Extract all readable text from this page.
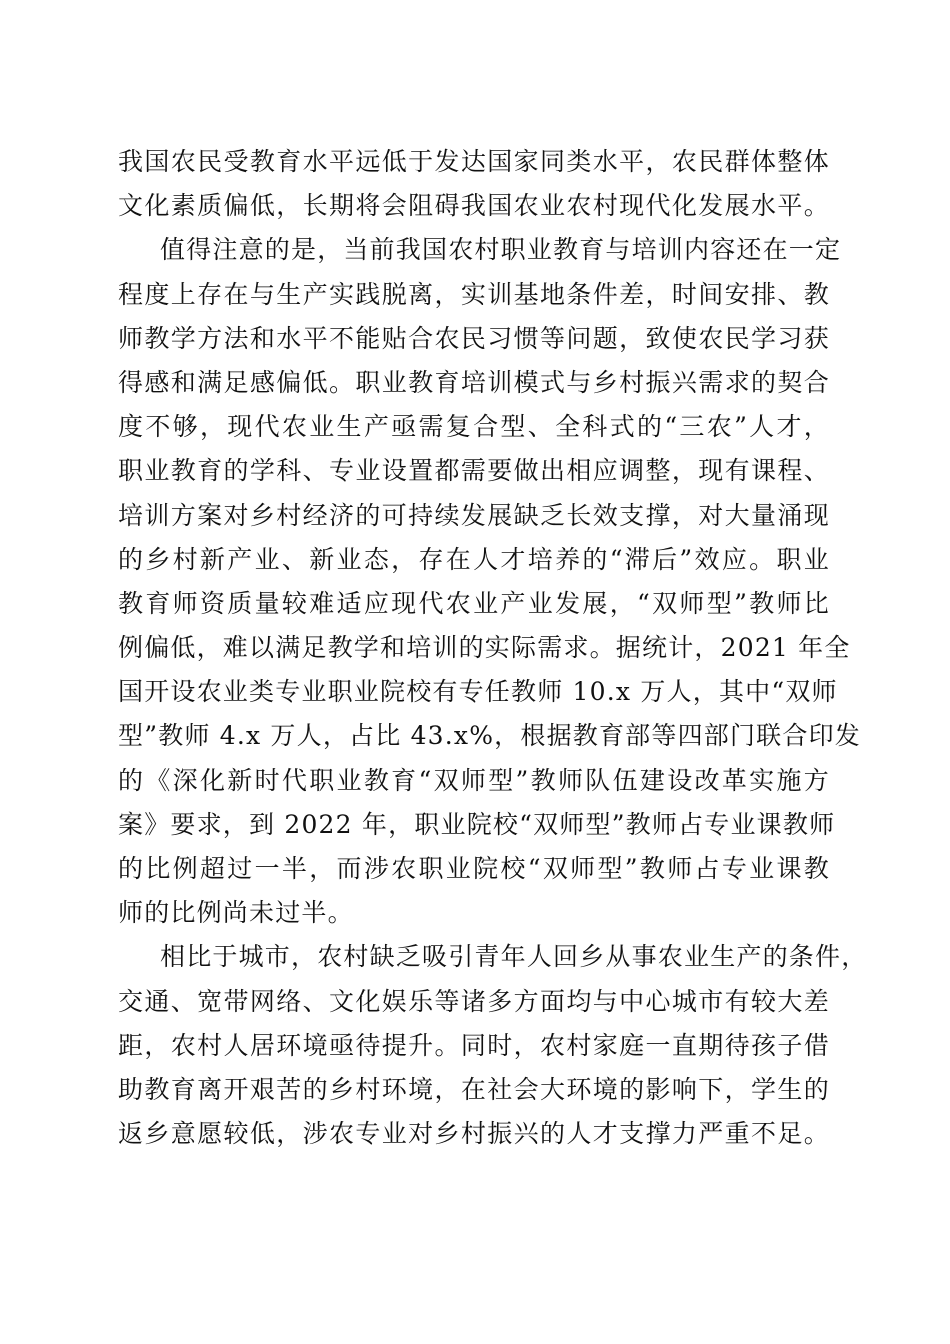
我国农民受教育水平远低于发达国家同类水平，农民群体整体
文化素质偏低，长期将会阻碍我国农业农村现代化发展水平。
值得注意的是，当前我国农村职业教育与培训内容还在一定
程度上存在与生产实践脱离，实训基地条件差，时间安排、教
师教学方法和水平不能贴合农民习惯等问题，致使农民学习获
得感和满足感偏低。职业教育培训模式与乡村振兴需求的契合
度不够，现代农业生产亟需复合型、全科式的“三农”人才，
职业教育的学科、专业设置都需要做出相应调整，现有课程、
培训方案对乡村经济的可持续发展缺乏长效支撑，对大量涌现
的乡村新产业、新业态，存在人才培养的“滞后”效应。职业
教育师资质量较难适应现代农业产业发展，“双师型”教师比
例偏低，难以满足教学和培训的实际需求。据统计，2021 年全
国开设农业类专业职业院校有专任教师 10.x 万人，其中“双师
型”教师 4.x 万人，占比 43.x%，根据教育部等四部门联合印发
的《深化新时代职业教育“双师型”教师队伍建设改革实施方
案》要求，到 2022 年，职业院校“双师型”教师占专业课教师
的比例超过一半，而涉农职业院校“双师型”教师占专业课教
师的比例尚未过半。
相比于城市，农村缺乏吸引青年人回乡从事农业生产的条件，
交通、宽带网络、文化娱乐等诸多方面均与中心城市有较大差
距，农村人居环境亟待提升。同时，农村家庭一直期待孩子借
助教育离开艰苦的乡村环境，在社会大环境的影响下，学生的
返乡意愿较低，涉农专业对乡村振兴的人才支撑力严重不足。
